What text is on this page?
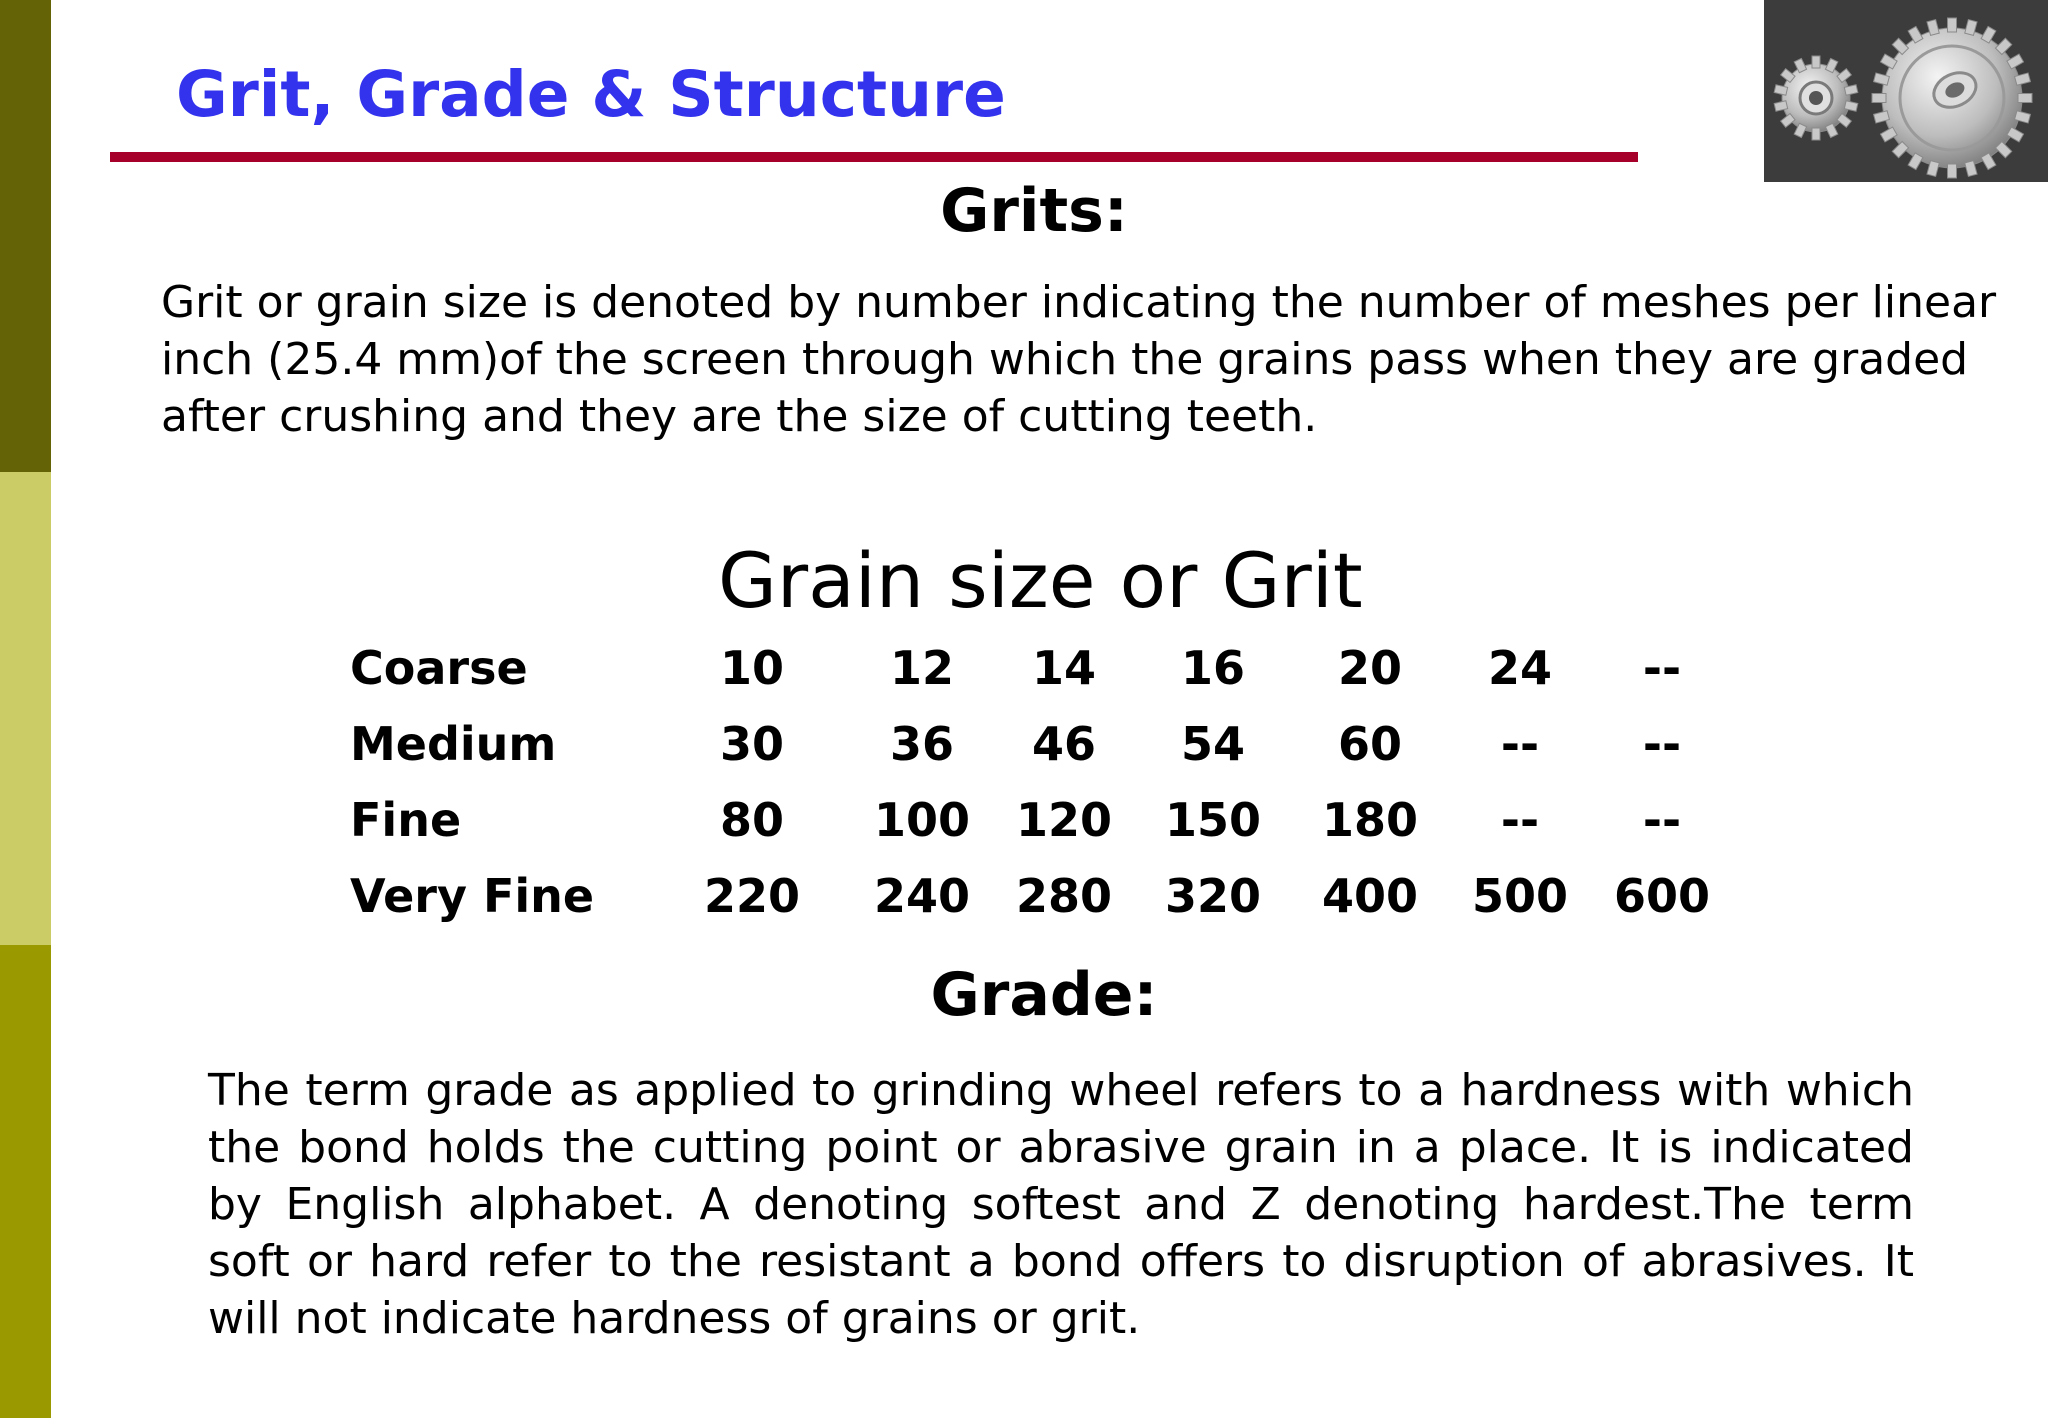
Grit, Grade & Structure
Grits:

Grit or grain size is denoted by number indicating the number of meshes per linear inch (25.4 mm)of the screen through which the grains pass when they are graded after crushing and they are the size of cutting teeth.

Grain size or Grit

Coarse	10 12 14 16 20 24 --
Medium	30 36 46 54 60 -- --
Fine	80 100 120 150 180 -- --
Very Fine 220 240 280 320 400 500 600
Grade:

The term grade as applied to grinding wheel refers to a hardness with which the bond holds the cutting point or abrasive grain in a place. It is indicated by English alphabet. A denoting softest and Z denoting hardest.The term soft or hard refer to the resistant a bond offers to disruption of abrasives. It will not indicate hardness of grains or grit.
